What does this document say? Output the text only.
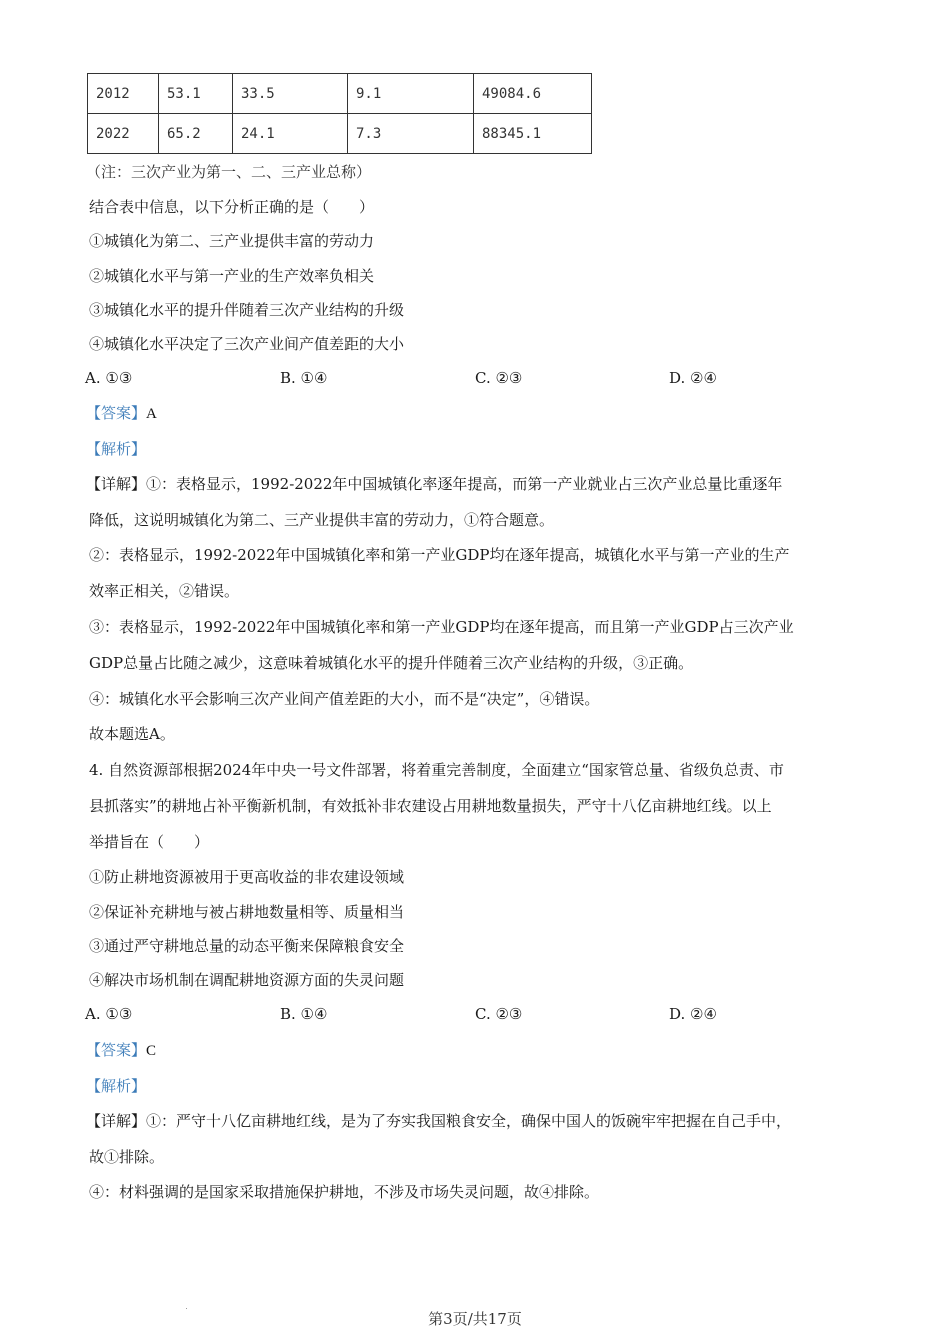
2012	53.1	33.5	9.1	49084.6
2022	65.2	24.1	7.3	88345.1
（注：三次产业为第一、二、三产业总称）
结合表中信息，以下分析正确的是（　　）
①城镇化为第二、三产业提供丰富的劳动力
②城镇化水平与第一产业的生产效率负相关
③城镇化水平的提升伴随着三次产业结构的升级
④城镇化水平决定了三次产业间产值差距的大小
A. ①③	B. ①④	C. ②③	D. ②④
【答案】A
【解析】
【详解】①：表格显示，1992-2022年中国城镇化率逐年提高，而第一产业就业占三次产业总量比重逐年
降低，这说明城镇化为第二、三产业提供丰富的劳动力，①符合题意。
②：表格显示，1992-2022年中国城镇化率和第一产业GDP均在逐年提高，城镇化水平与第一产业的生产
效率正相关，②错误。
③：表格显示，1992-2022年中国城镇化率和第一产业GDP均在逐年提高，而且第一产业GDP占三次产业
GDP总量占比随之减少，这意味着城镇化水平的提升伴随着三次产业结构的升级，③正确。
④：城镇化水平会影响三次产业间产值差距的大小，而不是“决定”，④错误。
故本题选A。
4. 自然资源部根据2024年中央一号文件部署，将着重完善制度，全面建立“国家管总量、省级负总责、市
县抓落实”的耕地占补平衡新机制，有效抵补非农建设占用耕地数量损失，严守十八亿亩耕地红线。以上
举措旨在（　　）
①防止耕地资源被用于更高收益的非农建设领域
②保证补充耕地与被占耕地数量相等、质量相当
③通过严守耕地总量的动态平衡来保障粮食安全
④解决市场机制在调配耕地资源方面的失灵问题
A. ①③	B. ①④	C. ②③	D. ②④
【答案】C
【解析】
【详解】①：严守十八亿亩耕地红线，是为了夯实我国粮食安全，确保中国人的饭碗牢牢把握在自己手中，
故①排除。
④：材料强调的是国家采取措施保护耕地，不涉及市场失灵问题，故④排除。
第3页/共17页
